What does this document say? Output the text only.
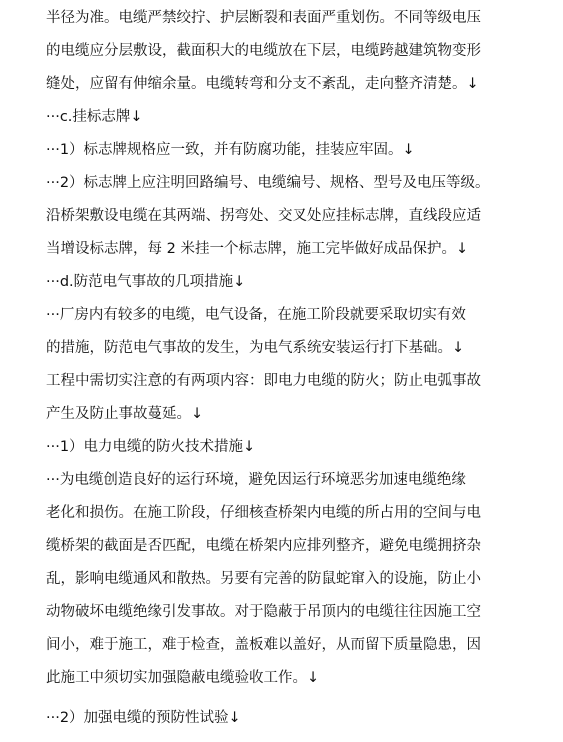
半径为准。电缆严禁绞拧、护层断裂和表面严重划伤。不同等级电压
的电缆应分层敷设，截面积大的电缆放在下层，电缆跨越建筑物变形
缝处，应留有伸缩余量。电缆转弯和分支不紊乱，走向整齐清楚。↓
···c.挂标志牌↓
···1）标志牌规格应一致，并有防腐功能，挂装应牢固。↓
···2）标志牌上应注明回路编号、电缆编号、规格、型号及电压等级。
沿桥架敷设电缆在其两端、拐弯处、交叉处应挂标志牌，直线段应适
当增设标志牌，每 2 米挂一个标志牌，施工完毕做好成品保护。↓
···d.防范电气事故的几项措施↓
···厂房内有较多的电缆，电气设备，在施工阶段就要采取切实有效
的措施，防范电气事故的发生，为电气系统安装运行打下基础。↓
工程中需切实注意的有两项内容：即电力电缆的防火；防止电弧事故
产生及防止事故蔓延。↓
···1）电力电缆的防火技术措施↓
···为电缆创造良好的运行环境，避免因运行环境恶劣加速电缆绝缘
老化和损伤。在施工阶段，仔细核查桥架内电缆的所占用的空间与电
缆桥架的截面是否匹配，电缆在桥架内应排列整齐，避免电缆拥挤杂
乱，影响电缆通风和散热。另要有完善的防鼠蛇窜入的设施，防止小
动物破坏电缆绝缘引发事故。对于隐蔽于吊顶内的电缆往往因施工空
间小，难于施工，难于检查，盖板难以盖好，从而留下质量隐患，因
此施工中须切实加强隐蔽电缆验收工作。↓
···2）加强电缆的预防性试验↓
